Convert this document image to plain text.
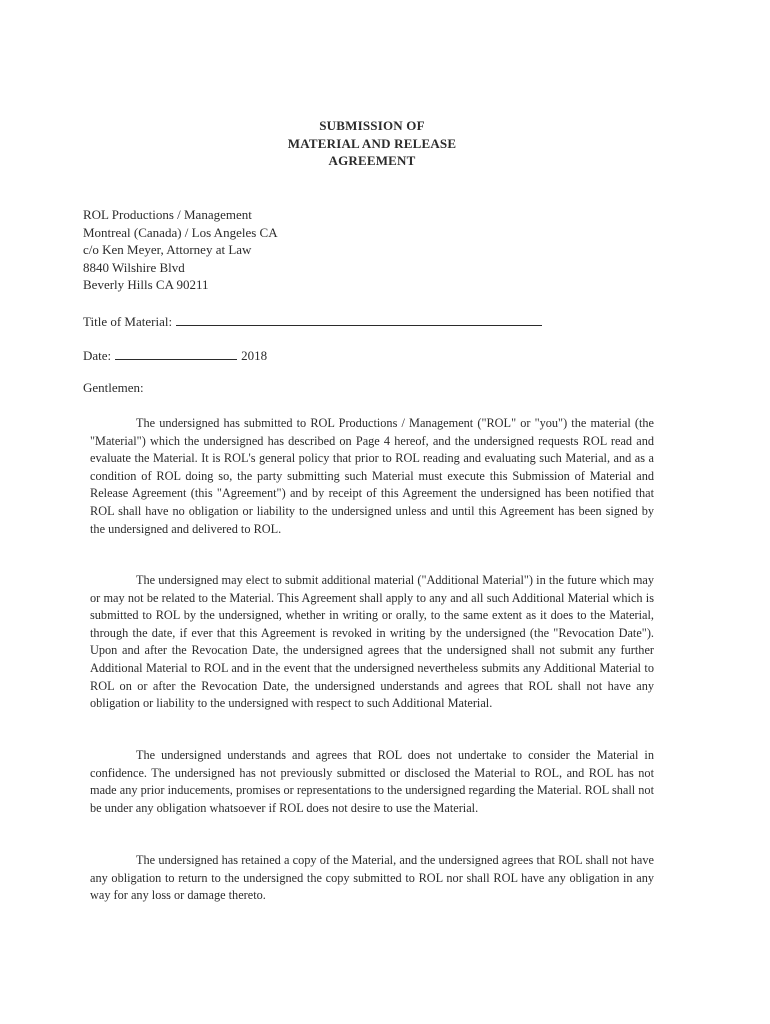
SUBMISSION OF
MATERIAL AND RELEASE
AGREEMENT
ROL Productions / Management
Montreal (Canada) / Los Angeles CA
c/o Ken Meyer, Attorney at Law
8840 Wilshire Blvd
Beverly Hills CA 90211
Title of Material:
Date:	2018
Gentlemen:

The undersigned has submitted to ROL Productions / Management ("ROL" or "you") the material (the "Material") which the undersigned has described on Page 4 hereof, and the undersigned requests ROL read and evaluate the Material. It is ROL's general policy that prior to ROL reading and evaluating such Material, and as a condition of ROL doing so, the party submitting such Material must execute this Submission of Material and Release Agreement (this "Agreement") and by receipt of this Agreement the undersigned has been notified that ROL shall have no obligation or liability to the undersigned unless and until this Agreement has been signed by the undersigned and delivered to ROL.

The undersigned may elect to submit additional material ("Additional Material") in the future which may or may not be related to the Material. This Agreement shall apply to any and all such Additional Material which is submitted to ROL by the undersigned, whether in writing or orally, to the same extent as it does to the Material, through the date, if ever that this Agreement is revoked in writing by the undersigned (the "Revocation Date"). Upon and after the Revocation Date, the undersigned agrees that the undersigned shall not submit any further Additional Material to ROL and in the event that the undersigned nevertheless submits any Additional Material to ROL on or after the Revocation Date, the undersigned understands and agrees that ROL shall not have any obligation or liability to the undersigned with respect to such Additional Material.

The undersigned understands and agrees that ROL does not undertake to consider the Material in confidence. The undersigned has not previously submitted or disclosed the Material to ROL, and ROL has not made any prior inducements, promises or representations to the undersigned regarding the Material. ROL shall not be under any obligation whatsoever if ROL does not desire to use the Material.

The undersigned has retained a copy of the Material, and the undersigned agrees that ROL shall not have any obligation to return to the undersigned the copy submitted to ROL nor shall ROL have any obligation in any way for any loss or damage thereto.
